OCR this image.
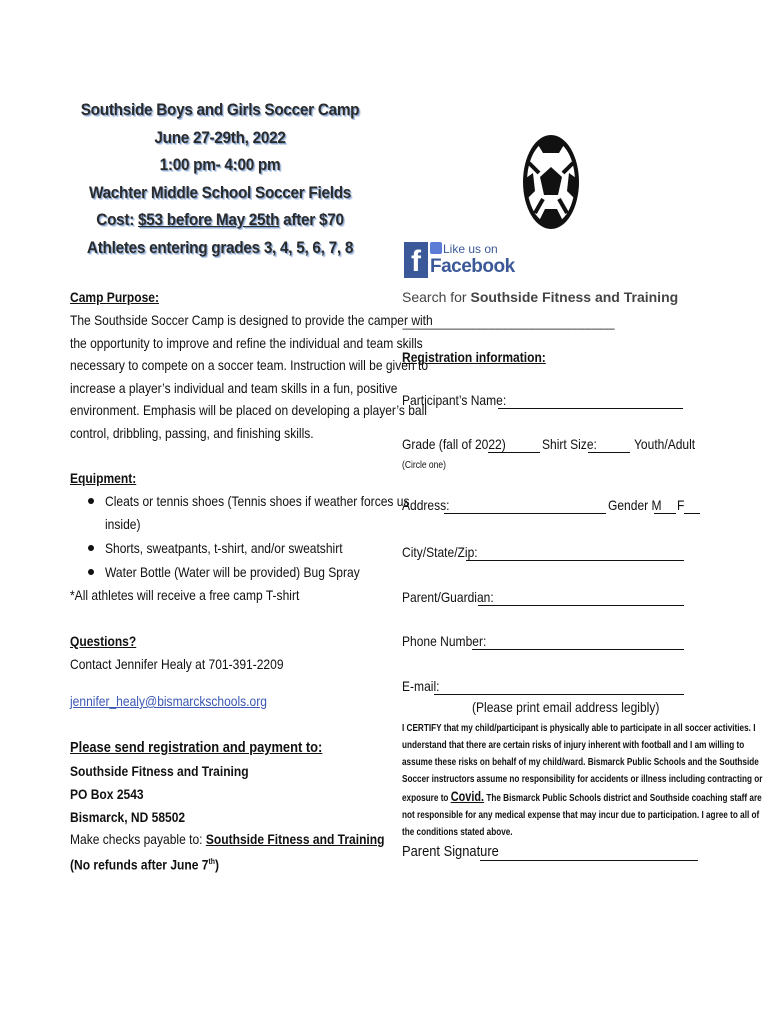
Southside Boys and Girls Soccer Camp
June 27-29th, 2022
1:00 pm- 4:00 pm
Wachter Middle School Soccer Fields
Cost: $53 before May 25th after $70
Athletes entering grades 3, 4, 5, 6, 7, 8	f	Like us on
Facebook
Search for Southside Fitness and Training
Camp Purpose:
The Southside Soccer Camp is designed to provide the camper with
the opportunity to improve and refine the individual and team skills
necessary to compete on a soccer team. Instruction will be given to
increase a player’s individual and team skills in a fun, positive
environment. Emphasis will be placed on developing a player’s ball
control, dribbling, passing, and finishing skills.
Equipment:
Cleats or tennis shoes (Tennis shoes if weather forces us
inside)
Shorts, sweatpants, t-shirt, and/or sweatshirt
Water Bottle (Water will be provided) Bug Spray
*All athletes will receive a free camp T-shirt
Questions?
Contact Jennifer Healy at 701-391-2209
jennifer_healy@bismarckschools.org
Please send registration and payment to:
Southside Fitness and Training
PO Box 2543
Bismarck, ND 58502
Make checks payable to: Southside Fitness and Training
(No refunds after June 7th)
-------------------------------------------------------------------------------------------
Registration information:
Participant’s Name:
Grade (fall of 2022)	Shirt Size:	Youth/Adult
(Circle one)
Address:	Gender M F
City/State/Zip:
Parent/Guardian:
Phone Number:
E-mail:
(Please print email address legibly)
I CERTIFY that my child/participant is physically able to participate in all soccer activities. I
understand that there are certain risks of injury inherent with football and I am willing to
assume these risks on behalf of my child/ward. Bismarck Public Schools and the Southside
Soccer instructors assume no responsibility for accidents or illness including contracting or
exposure to Covid. The Bismarck Public Schools district and Southside coaching staff are
not responsible for any medical expense that may incur due to participation. I agree to all of
the conditions stated above.
Parent Signature
